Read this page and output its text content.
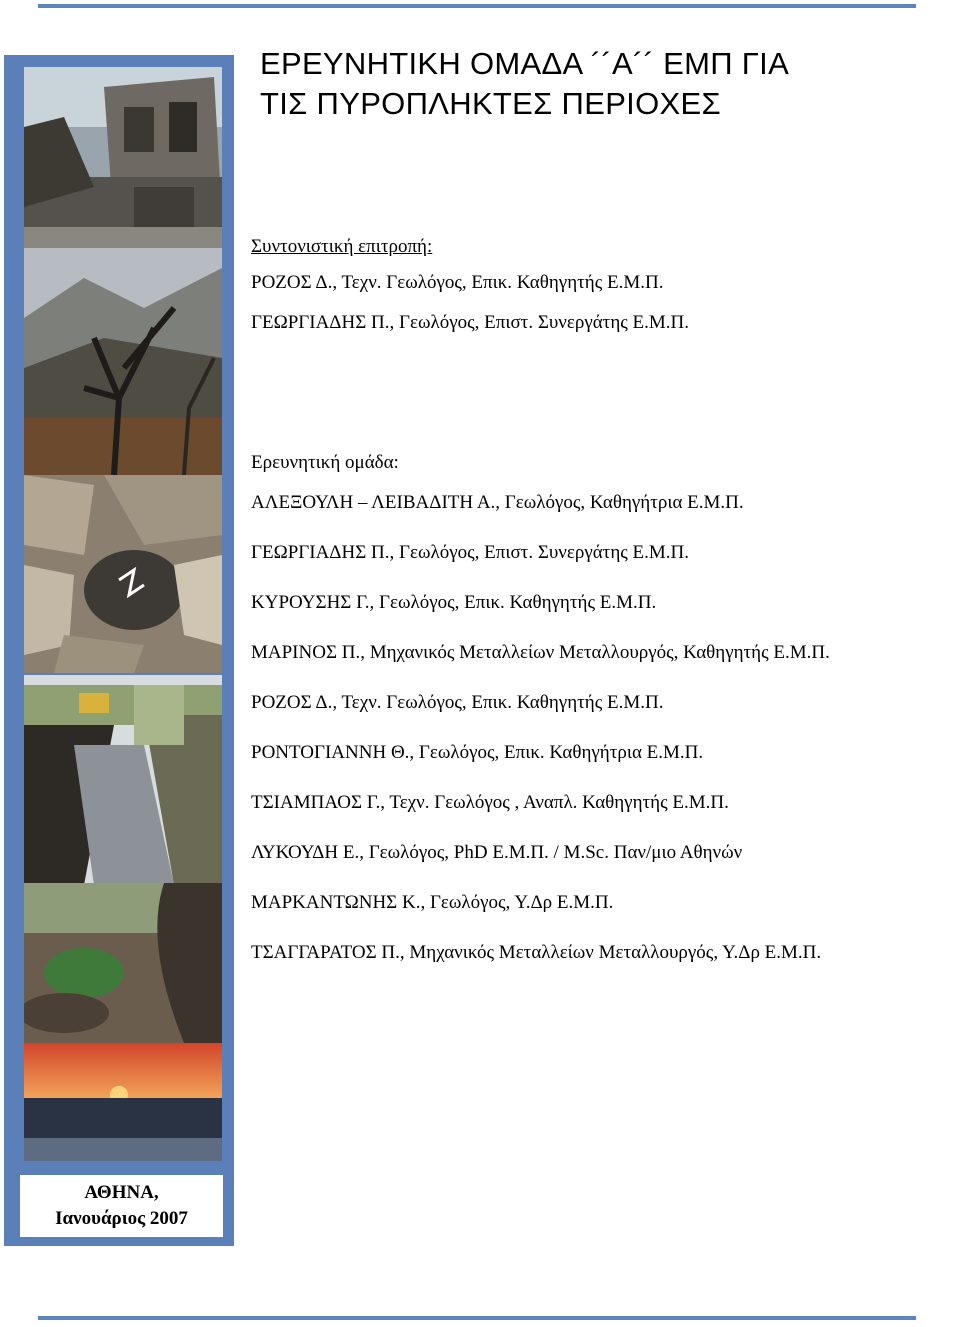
ΑΘΗΝΑ,
Ιανουάριος 2007
ΕΡΕΥΝΗΤΙΚΗ ΟΜΑΔΑ ´´Α´´ ΕΜΠ ΓΙΑ
ΤΙΣ ΠΥΡΟΠΛΗΚΤΕΣ ΠΕΡΙΟΧΕΣ

Συντονιστική επιτροπή:

ΡΟΖΟΣ Δ., Τεχν. Γεωλόγος, Επικ. Καθηγητής Ε.Μ.Π.

ΓΕΩΡΓΙΑΔΗΣ Π., Γεωλόγος, Επιστ. Συνεργάτης Ε.Μ.Π.

Ερευνητική ομάδα:

ΑΛΕΞΟΥΛΗ – ΛΕΙΒΑΔΙΤΗ Α., Γεωλόγος, Καθηγήτρια Ε.Μ.Π.

ΓΕΩΡΓΙΑΔΗΣ Π., Γεωλόγος, Επιστ. Συνεργάτης Ε.Μ.Π.

ΚΥΡΟΥΣΗΣ Γ., Γεωλόγος, Επικ. Καθηγητής Ε.Μ.Π.

ΜΑΡΙΝΟΣ Π., Μηχανικός Μεταλλείων Μεταλλουργός, Καθηγητής Ε.Μ.Π.

ΡΟΖΟΣ Δ., Τεχν. Γεωλόγος, Επικ. Καθηγητής Ε.Μ.Π.

ΡΟΝΤΟΓΙΑΝΝΗ Θ., Γεωλόγος, Επικ. Καθηγήτρια Ε.Μ.Π.

ΤΣΙΑΜΠΑΟΣ Γ., Τεχν. Γεωλόγος , Αναπλ. Καθηγητής Ε.Μ.Π.

ΛΥΚΟΥΔΗ Ε., Γεωλόγος, PhD Ε.Μ.Π. / M.Sc. Παν/μιο Αθηνών

ΜΑΡΚΑΝΤΩΝΗΣ Κ., Γεωλόγος, Υ.Δρ Ε.Μ.Π.

ΤΣΑΓΓΑΡΑΤΟΣ Π., Μηχανικός Μεταλλείων Μεταλλουργός, Υ.Δρ Ε.Μ.Π.
